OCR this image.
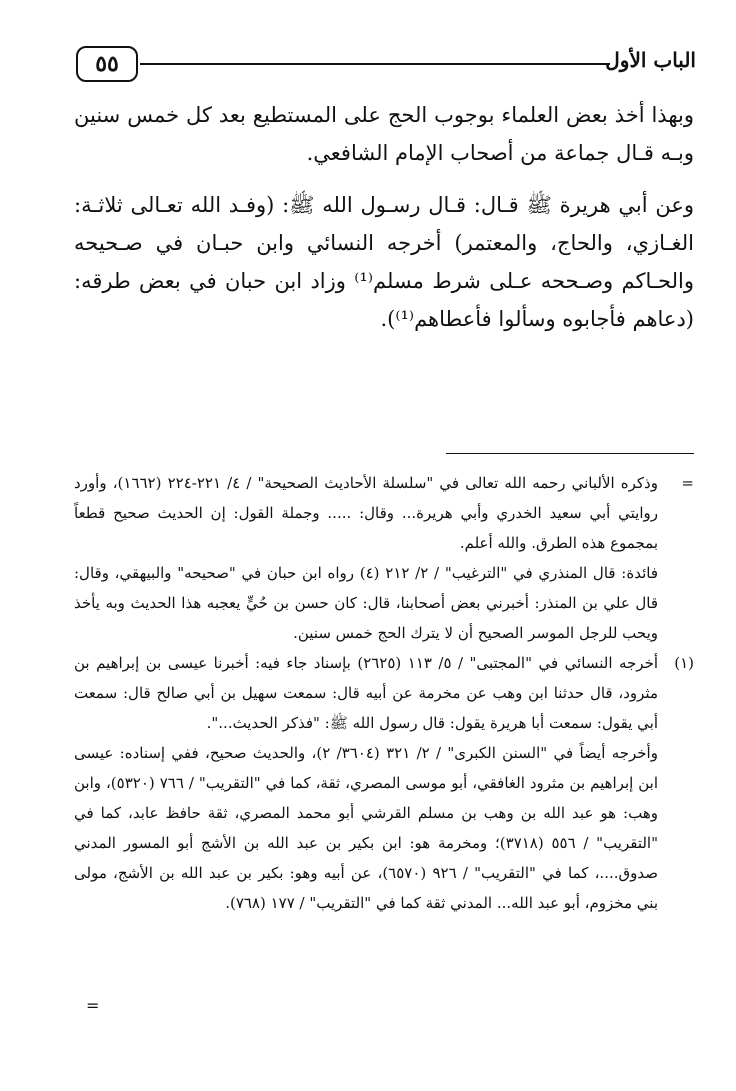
٥٥	الباب الأول

وبهذا أخذ بعض العلماء بوجوب الحج على المستطيع بعد كل خمس سنين وبـه قـال جماعة من أصحاب الإمام الشافعي.

وعن أبي هريرة ﷺ قـال: قـال رسـول الله ﷺ: (وفـد الله تعـالى ثلاثـة: الغـازي، والحاج، والمعتمر) أخرجه النسائي وابن حبـان في صـحيحه والحـاكم وصـححه عـلى شرط مسلم⁽¹⁾ وزاد ابن حبان في بعض طرقه: (دعاهم فأجابوه وسألوا فأعطاهم⁽¹⁾).

=

وذكره الألباني رحمه الله تعالى في "سلسلة الأحاديث الصحيحة" / ٤/ ٢٢١-٢٢٤ (١٦٦٢)، وأورد روايتي أبي سعيد الخدري وأبي هريرة... وقال: ..... وجملة القول: إن الحديث صحيح قطعاً بمجموع هذه الطرق. والله أعلم.

فائدة: قال المنذري في "الترغيب" / ٢/ ٢١٢ (٤) رواه ابن حبان في "صحيحه" والبيهقي، وقال: قال علي بن المنذر: أخبرني بعض أصحابنا، قال: كان حسن بن حُيٍّ يعجبه هذا الحديث وبه يأخذ ويحب للرجل الموسر الصحيح أن لا يترك الحج خمس سنين.

(١)

أخرجه النسائي في "المجتبى" / ٥/ ١١٣ (٢٦٢٥) بإسناد جاء فيه: أخبرنا عيسى بن إبراهيم بن مثرود، قال حدثنا ابن وهب عن مخرمة عن أبيه قال: سمعت سهيل بن أبي صالح قال: سمعت أبي يقول: سمعت أبا هريرة يقول: قال رسول الله ﷺ: "فذكر الحديث...".

وأخرجه أيضاً في "السنن الكبرى" / ٢/ ٣٢١ (٣٦٠٤/ ٢)، والحديث صحيح، ففي إسناده: عيسى ابن إبراهيم بن مثرود الغافقي، أبو موسى المصري، ثقة، كما في "التقريب" / ٧٦٦ (٥٣٢٠)، وابن وهب: هو عبد الله بن وهب بن مسلم القرشي أبو محمد المصري، ثقة حافظ عابد، كما في "التقريب" / ٥٥٦ (٣٧١٨)؛ ومخرمة هو: ابن بكير بن عبد الله بن الأشج أبو المسور المدني صدوق....، كما في "التقريب" / ٩٢٦ (٦٥٧٠)، عن أبيه وهو: بكير بن عبد الله بن الأشج، مولى بني مخزوم، أبو عبد الله... المدني ثقة كما في "التقريب" / ١٧٧ (٧٦٨).

=
